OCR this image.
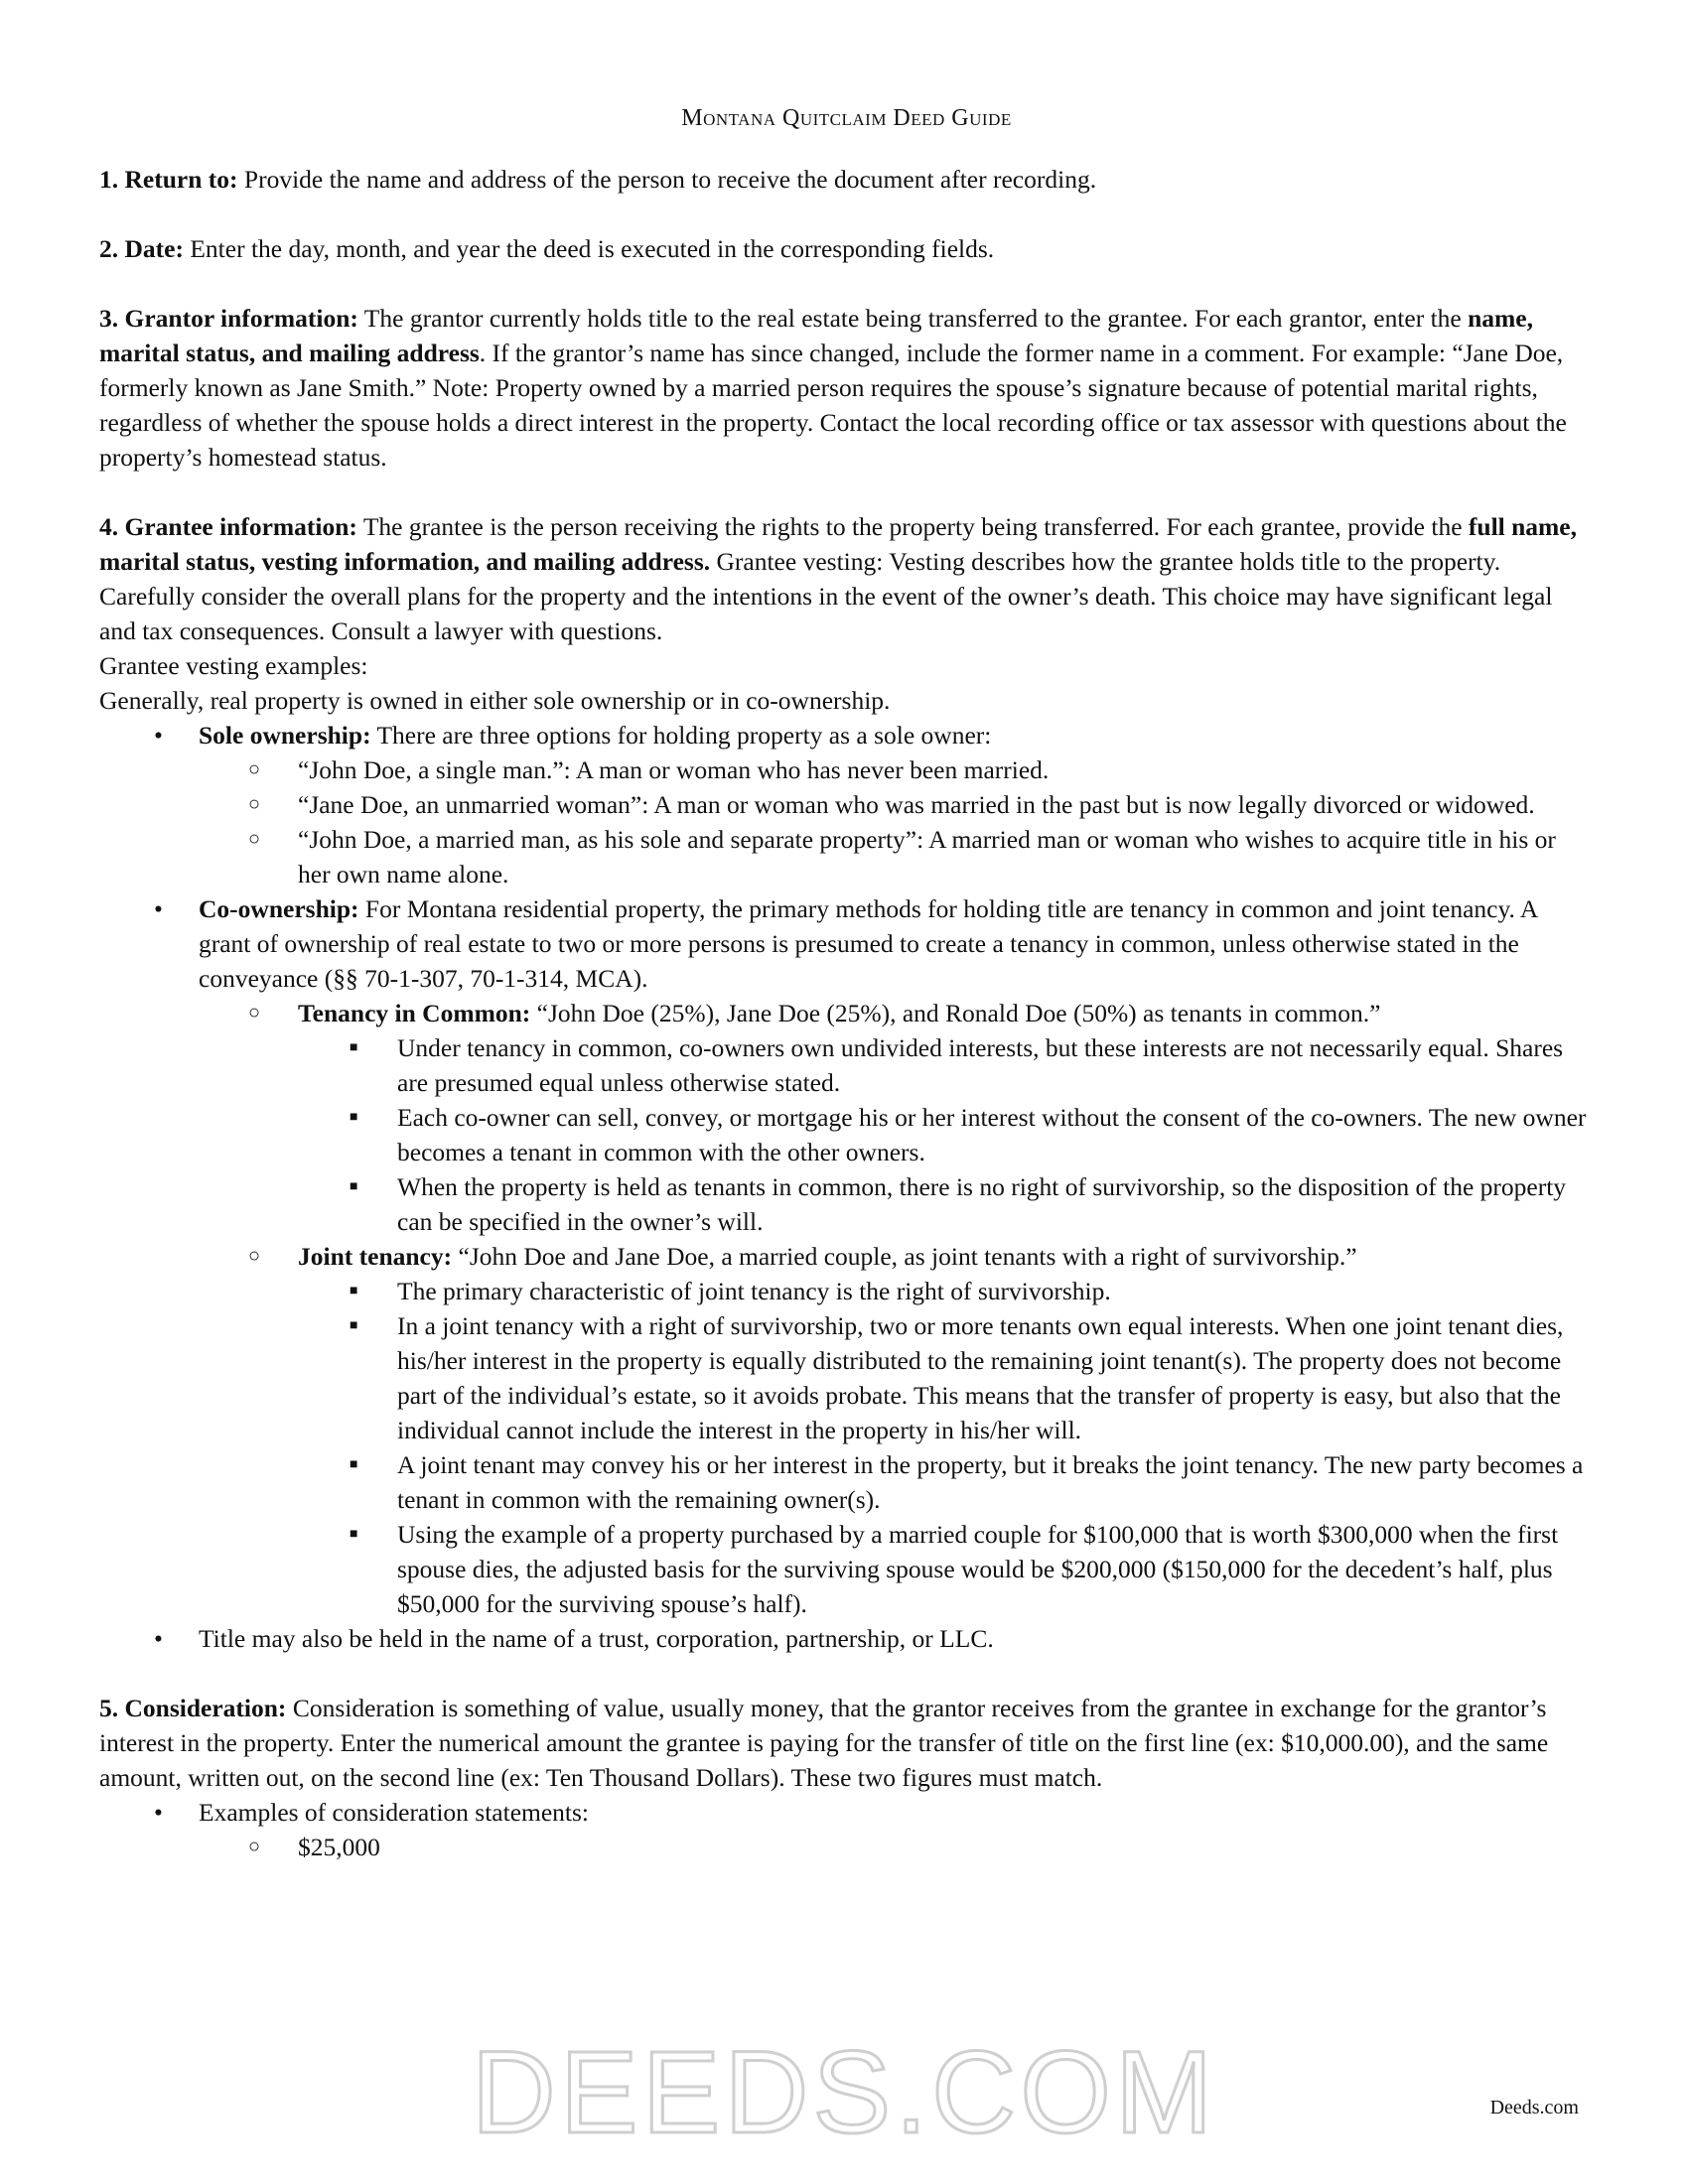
Montana Quitclaim Deed Guide

1. Return to: Provide the name and address of the person to receive the document after recording.

2. Date: Enter the day, month, and year the deed is executed in the corresponding fields.

3. Grantor information: The grantor currently holds title to the real estate being transferred to the grantee. For each grantor, enter the name, marital status, and mailing address. If the grantor’s name has since changed, include the former name in a comment. For example: “Jane Doe, formerly known as Jane Smith.” Note: Property owned by a married person requires the spouse’s signature because of potential marital rights, regardless of whether the spouse holds a direct interest in the property. Contact the local recording office or tax assessor with questions about the property’s homestead status.

4. Grantee information: The grantee is the person receiving the rights to the property being transferred. For each grantee, provide the full name, marital status, vesting information, and mailing address. Grantee vesting: Vesting describes how the grantee holds title to the property. Carefully consider the overall plans for the property and the intentions in the event of the owner’s death. This choice may have significant legal and tax consequences. Consult a lawyer with questions.

Grantee vesting examples:

Generally, real property is owned in either sole ownership or in co-ownership.

• Sole ownership: There are three options for holding property as a sole owner:
○ “John Doe, a single man.”: A man or woman who has never been married.
○ “Jane Doe, an unmarried woman”: A man or woman who was married in the past but is now legally divorced or widowed.
○ “John Doe, a married man, as his sole and separate property”: A married man or woman who wishes to acquire title in his or her own name alone.
• Co-ownership: For Montana residential property, the primary methods for holding title are tenancy in common and joint tenancy. A grant of ownership of real estate to two or more persons is presumed to create a tenancy in common, unless otherwise stated in the conveyance (§§ 70-1-307, 70-1-314, MCA).
○ Tenancy in Common: “John Doe (25%), Jane Doe (25%), and Ronald Doe (50%) as tenants in common.”
■ Under tenancy in common, co-owners own undivided interests, but these interests are not necessarily equal. Shares are presumed equal unless otherwise stated.
■ Each co-owner can sell, convey, or mortgage his or her interest without the consent of the co-owners. The new owner becomes a tenant in common with the other owners.
■ When the property is held as tenants in common, there is no right of survivorship, so the disposition of the property can be specified in the owner’s will.
○ Joint tenancy: “John Doe and Jane Doe, a married couple, as joint tenants with a right of survivorship.”
■ The primary characteristic of joint tenancy is the right of survivorship.
■ In a joint tenancy with a right of survivorship, two or more tenants own equal interests. When one joint tenant dies, his/her interest in the property is equally distributed to the remaining joint tenant(s). The property does not become part of the individual’s estate, so it avoids probate. This means that the transfer of property is easy, but also that the individual cannot include the interest in the property in his/her will.
■ A joint tenant may convey his or her interest in the property, but it breaks the joint tenancy. The new party becomes a tenant in common with the remaining owner(s).
■ Using the example of a property purchased by a married couple for $100,000 that is worth $300,000 when the first spouse dies, the adjusted basis for the surviving spouse would be $200,000 ($150,000 for the decedent’s half, plus $50,000 for the surviving spouse’s half).
• Title may also be held in the name of a trust, corporation, partnership, or LLC.

5. Consideration: Consideration is something of value, usually money, that the grantor receives from the grantee in exchange for the grantor’s interest in the property. Enter the numerical amount the grantee is paying for the transfer of title on the first line (ex: $10,000.00), and the same amount, written out, on the second line (ex: Ten Thousand Dollars). These two figures must match.

• Examples of consideration statements:
○ $25,000
DEEDS.COM	Deeds.com
